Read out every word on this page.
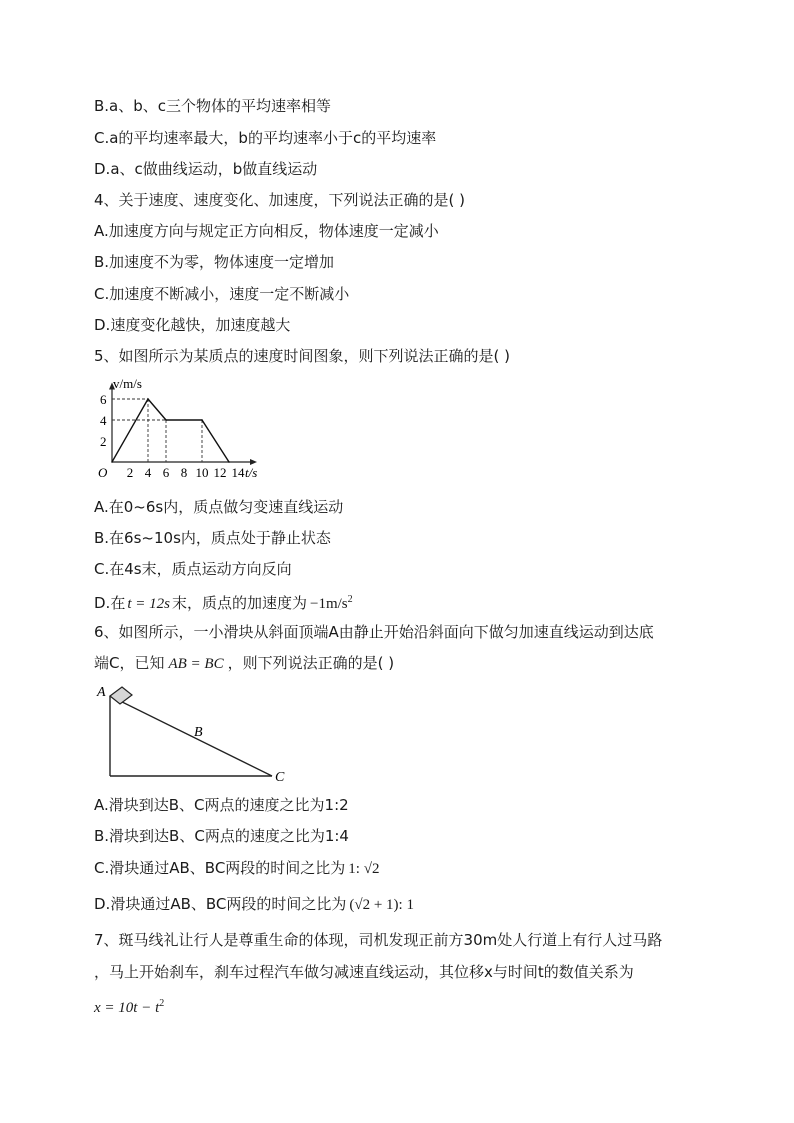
B.a、b、c三个物体的平均速率相等
C.a的平均速率最大，b的平均速率小于c的平均速率
D.a、c做曲线运动，b做直线运动
4、关于速度、速度变化、加速度，下列说法正确的是( )
A.加速度方向与规定正方向相反，物体速度一定减小
B.加速度不为零，物体速度一定增加
C.加速度不断减小，速度一定不断减小
D.速度变化越快，加速度越大
5、如图所示为某质点的速度时间图象，则下列说法正确的是( )
6
4
2
2 4 6 8 10 12 14
O
v/m/s
t/s
A.在0~6s内，质点做匀变速直线运动
B.在6s~10s内，质点处于静止状态
C.在4s末，质点运动方向反向
D.在 t = 12s 末，质点的加速度为 $-1m/s^2$
6、如图所示，一小滑块从斜面顶端A由静止开始沿斜面向下做匀加速直线运动到达底
端C，已知 AB = BC ，则下列说法正确的是( )
A
B
C
A.滑块到达B、C两点的速度之比为1:2
B.滑块到达B、C两点的速度之比为1:4
C.滑块通过AB、BC两段的时间之比为 1: √2
D.滑块通过AB、BC两段的时间之比为 (√2 + 1): 1
7、斑马线礼让行人是尊重生命的体现，司机发现正前方30m处人行道上有行人过马路
，马上开始刹车，刹车过程汽车做匀减速直线运动，其位移x与时间t的数值关系为
$x = 10t - t^2$
